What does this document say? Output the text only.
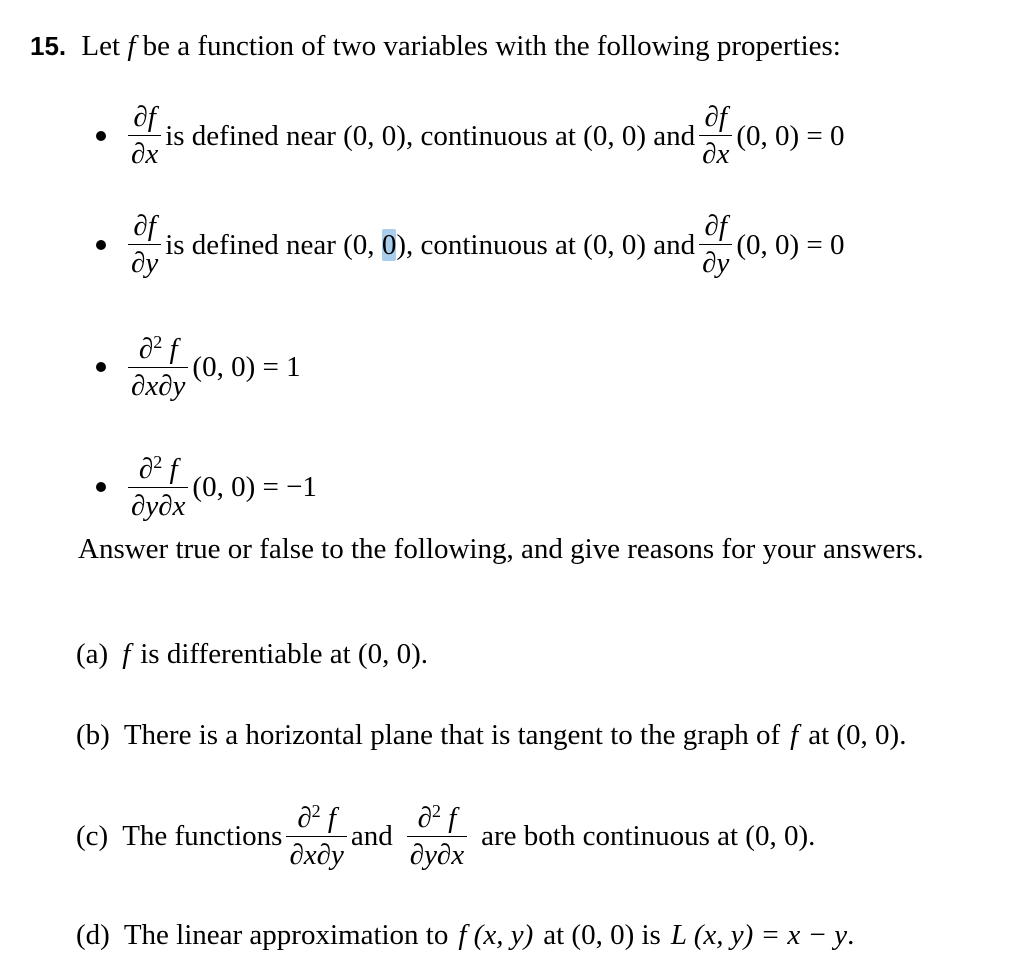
15. Let f be a function of two variables with the following properties:
$\frac{\partial f}{\partial x}$ is defined near (0, 0), continuous at (0, 0) and $\frac{\partial f}{\partial x} (0$, 0) = 0
$\frac{\partial f}{\partial y}$ is defined near (0, 0), continuous at (0, 0) and $\frac{\partial f}{\partial y} (0$, 0) = 0
$\frac{\partial^2 f}{\partial x\partial y} (0$, 0) = 1
$\frac{\partial^2 f}{\partial y\partial x} (0$, 0) = −1
Answer true or false to the following, and give reasons for your answers.
(a) f is differentiable at (0, 0).
(b) There is a horizontal plane that is tangent to the graph of f at (0, 0).
(c) The functions $\frac{\partial^2 f}{\partial x\partial y}$ and $\frac{\partial^2 f}{\partial y\partial x}$ are both continuous at (0, 0).
(d) The linear approximation to f (x, y) at (0, 0) is L (x, y) = x − y .
